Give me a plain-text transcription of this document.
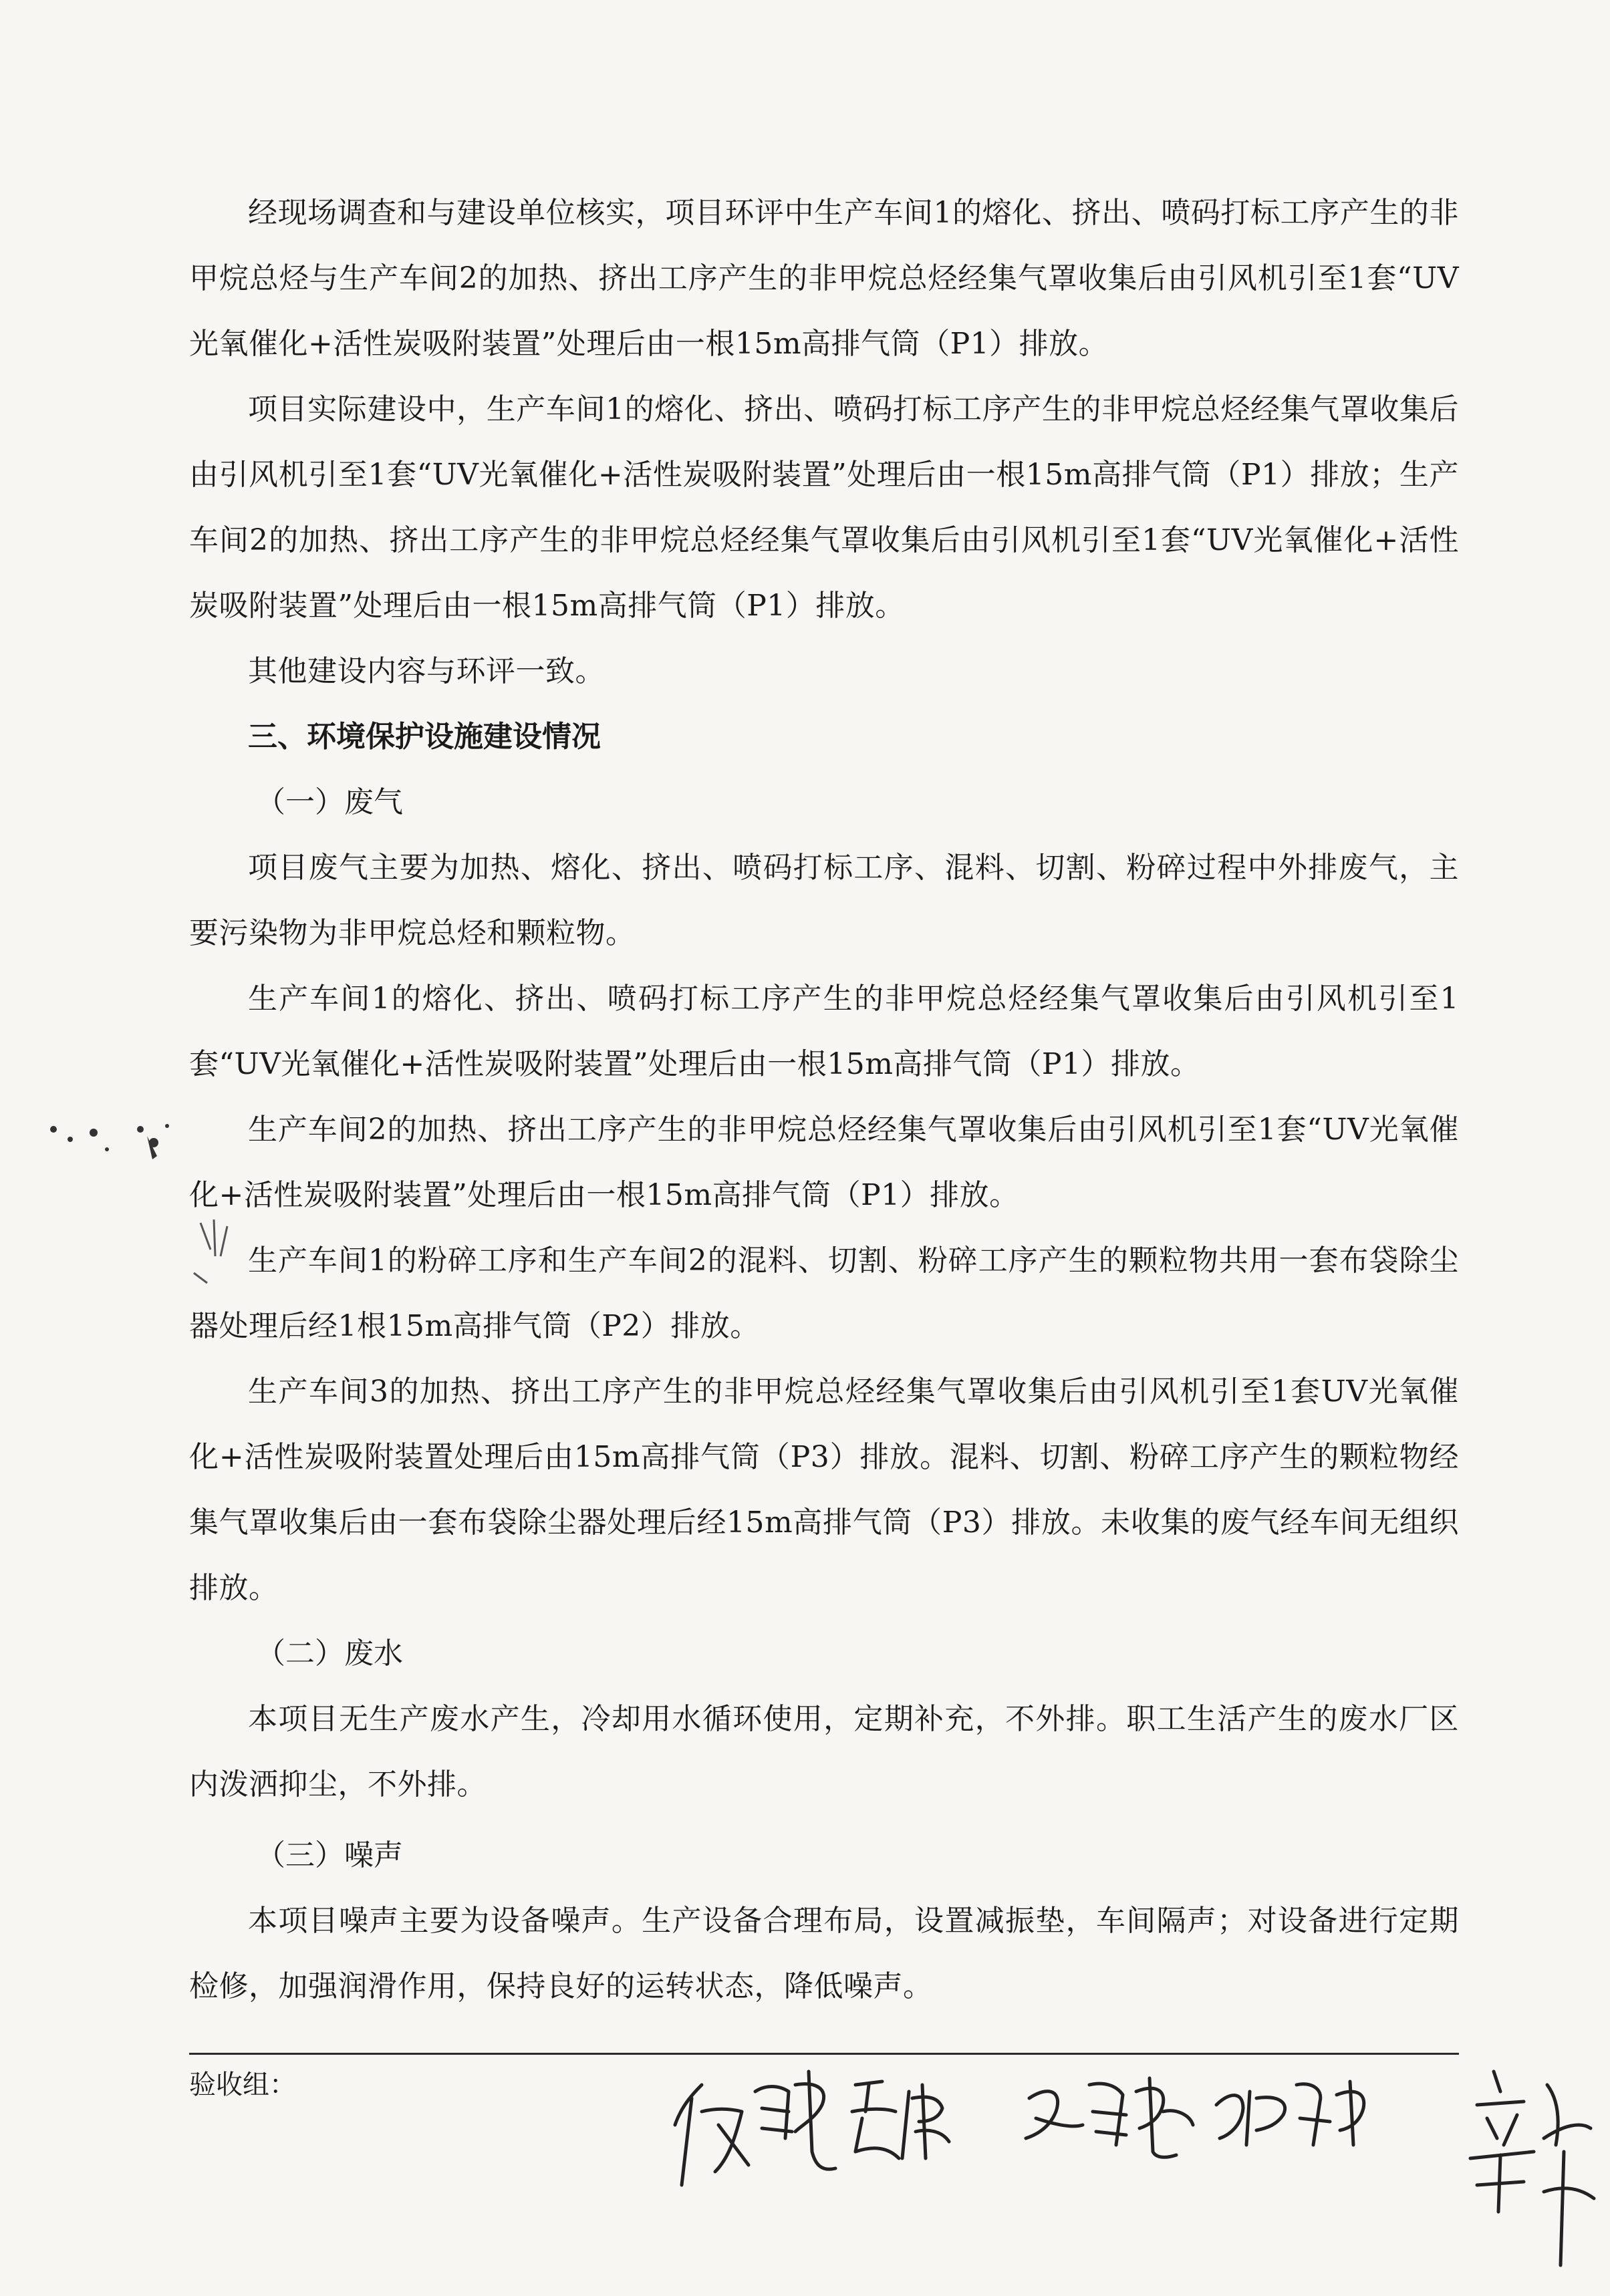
经现场调查和与建设单位核实，项目环评中生产车间1的熔化、挤出、喷码打标工序产生的非甲烷总烃与生产车间2的加热、挤出工序产生的非甲烷总烃经集气罩收集后由引风机引至1套“UV光氧催化+活性炭吸附装置”处理后由一根15m高排气筒（P1）排放。

项目实际建设中，生产车间1的熔化、挤出、喷码打标工序产生的非甲烷总烃经集气罩收集后由引风机引至1套“UV光氧催化+活性炭吸附装置”处理后由一根15m高排气筒（P1）排放；生产车间2的加热、挤出工序产生的非甲烷总烃经集气罩收集后由引风机引至1套“UV光氧催化+活性炭吸附装置”处理后由一根15m高排气筒（P1）排放。

其他建设内容与环评一致。

三、环境保护设施建设情况

（一）废气

项目废气主要为加热、熔化、挤出、喷码打标工序、混料、切割、粉碎过程中外排废气，主要污染物为非甲烷总烃和颗粒物。

生产车间1的熔化、挤出、喷码打标工序产生的非甲烷总烃经集气罩收集后由引风机引至1套“UV光氧催化+活性炭吸附装置”处理后由一根15m高排气筒（P1）排放。

生产车间2的加热、挤出工序产生的非甲烷总烃经集气罩收集后由引风机引至1套“UV光氧催化+活性炭吸附装置”处理后由一根15m高排气筒（P1）排放。

生产车间1的粉碎工序和生产车间2的混料、切割、粉碎工序产生的颗粒物共用一套布袋除尘器处理后经1根15m高排气筒（P2）排放。

生产车间3的加热、挤出工序产生的非甲烷总烃经集气罩收集后由引风机引至1套UV光氧催化+活性炭吸附装置处理后由15m高排气筒（P3）排放。混料、切割、粉碎工序产生的颗粒物经集气罩收集后由一套布袋除尘器处理后经15m高排气筒（P3）排放。未收集的废气经车间无组织排放。

（二）废水

本项目无生产废水产生，冷却用水循环使用，定期补充，不外排。职工生活产生的废水厂区内泼洒抑尘，不外排。

（三）噪声

本项目噪声主要为设备噪声。生产设备合理布局，设置减振垫，车间隔声；对设备进行定期检修，加强润滑作用，保持良好的运转状态，降低噪声。

验收组：
